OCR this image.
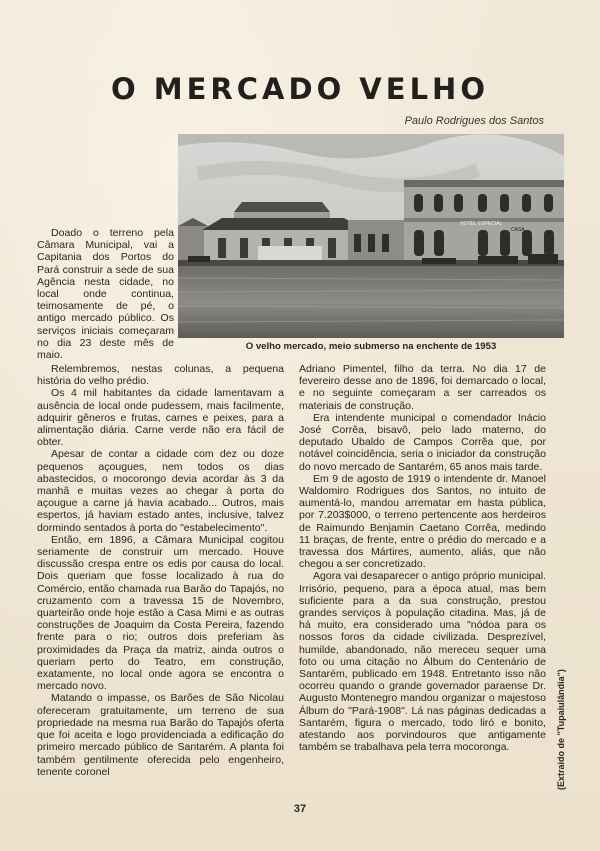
O MERCADO VELHO
Paulo Rodrigues dos Santos
HOTEL ESPECIAL
CASA
O velho mercado, meio submerso na enchente de 1953

Doado o terreno pela Câmara Municipal, vai a Capitania dos Portos do Pará construir a sede de sua Agência nesta cidade, no local onde continua, teimosamente de pé, o antigo mercado público. Os serviços iniciais começaram no dia 23 deste mês de maio.

Relembremos, nestas colunas, a pequena história do velho prédio.

Os 4 mil habitantes da cidade lamentavam a ausência de local onde pudessem, mais facilmente, adquirir gêneros e frutas, carnes e peixes, para a alimentação diária. Carne verde não era fácil de obter.

Apesar de contar a cidade com dez ou doze pequenos açougues, nem todos os dias abastecidos, o mocorongo devia acordar às 3 da manhã e muitas vezes ao chegar à porta do açougue a carne já havia acabado... Outros, mais espertos, já haviam estado antes, inclusive, talvez dormindo sentados à porta do "estabelecimento".

Então, em 1896, a Câmara Municipal cogitou seriamente de construir um mercado. Houve discussão crespa entre os edis por causa do local. Dois queriam que fosse localizado à rua do Comércio, então chamada rua Barão do Tapajós, no cruzamento com a travessa 15 de Novembro, quarteirão onde hoje estão a Casa Mimi e as outras construções de Joaquim da Costa Pereira, fazendo frente para o rio; outros dois preferiam às proximidades da Praça da matriz, ainda outros o queriam perto do Teatro, em construção, exatamente, no local onde agora se encontra o mercado novo.

Matando o impasse, os Barões de São Nicolau ofereceram gratuitamente, um terreno de sua propriedade na mesma rua Barão do Tapajós oferta que foi aceita e logo providenciada a edificação do primeiro mercado público de Santarém. A planta foi também gentilmente oferecida pelo engenheiro, tenente coronel

Adriano Pimentel, filho da terra. No dia 17 de fevereiro desse ano de 1896, foi demarcado o local, e no seguinte começaram a ser carreados os materiais de construção.

Era intendente municipal o comendador Inácio José Corrêa, bisavô, pelo lado materno, do deputado Ubaldo de Campos Corrêa que, por notável coincidência, seria o iniciador da construção do novo mercado de Santarém, 65 anos mais tarde.

Em 9 de agosto de 1919 o intendente dr. Manoel Waldomiro Rodrigues dos Santos, no intuito de aumentá-lo, mandou arrematar em hasta pública, por 7.203$000, o terreno pertencente aos herdeiros de Raimundo Benjamin Caetano Corrêa, medindo 11 braças, de frente, entre o prédio do mercado e a travessa dos Mártires, aumento, aliás, que não chegou a ser concretizado.

Agora vai desaparecer o antigo próprio municipal. Irrisório, pequeno, para a época atual, mas bem suficiente para a da sua construção, prestou grandes serviços à população citadina. Mas, já de há muito, era considerado uma "nódoa para os nossos foros da cidade civilizada. Desprezível, humilde, abandonado, não mereceu sequer uma foto ou uma citação no Álbum do Centenário de Santarém, publicado em 1948. Entretanto isso não ocorreu quando o grande governador paraense Dr. Augusto Montenegro mandou organizar o majestoso Álbum do "Pará-1908". Lá nas páginas dedicadas a Santarém, figura o mercado, todo liró e bonito, atestando aos porvindouros que antigamente também se trabalhava pela terra mocoronga.	(Extraido de "Tupaiulândia")
37
